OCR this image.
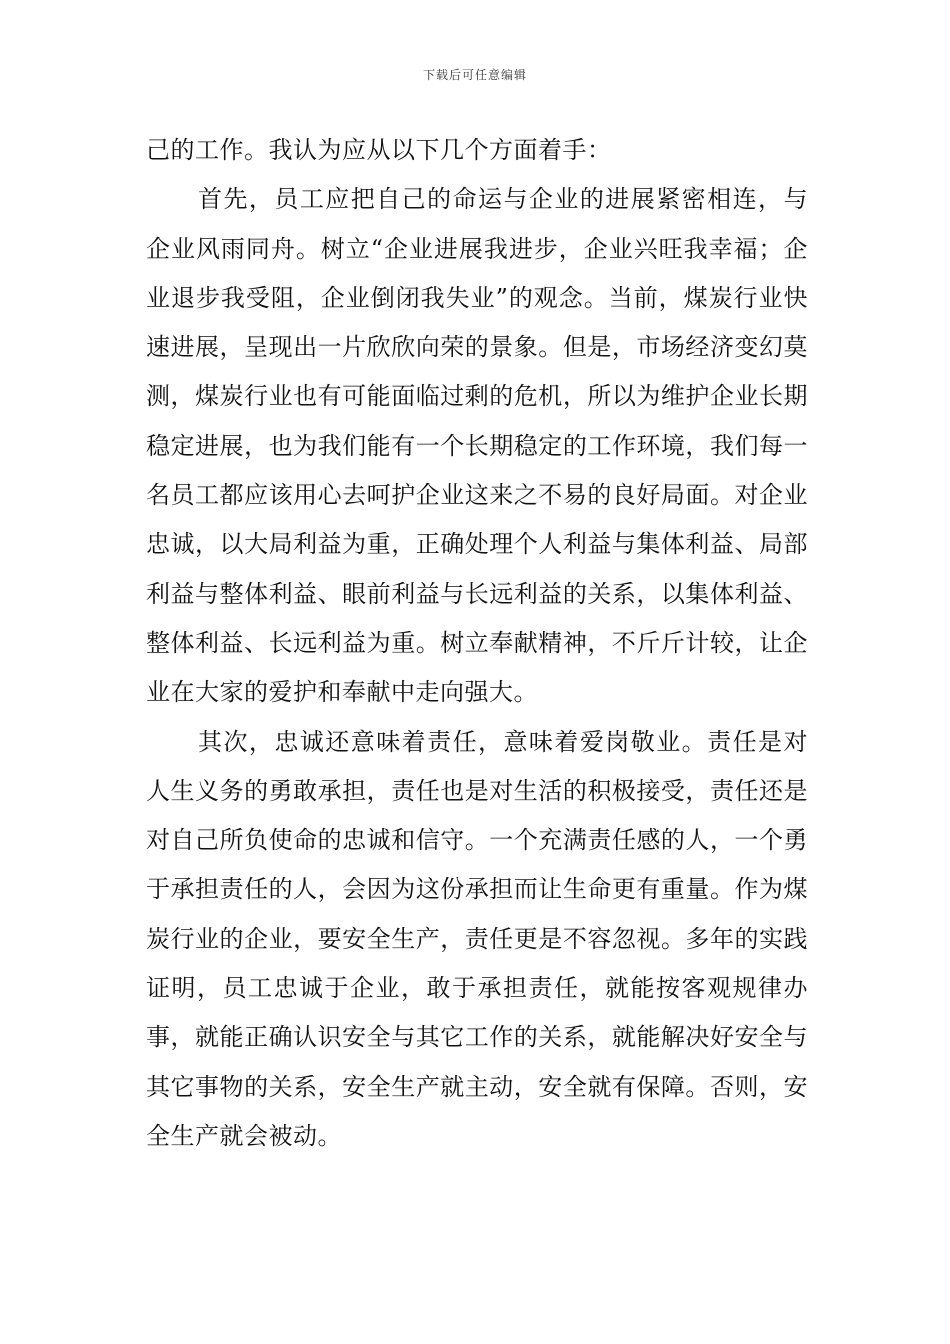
下载后可任意编辑

己的工作。我认为应从以下几个方面着手：

首先，员工应把自己的命运与企业的进展紧密相连，与企业风雨同舟。树立“企业进展我进步，企业兴旺我幸福；企业退步我受阻，企业倒闭我失业”的观念。当前，煤炭行业快速进展，呈现出一片欣欣向荣的景象。但是，市场经济变幻莫测，煤炭行业也有可能面临过剩的危机，所以为维护企业长期稳定进展，也为我们能有一个长期稳定的工作环境，我们每一名员工都应该用心去呵护企业这来之不易的良好局面。对企业忠诚，以大局利益为重，正确处理个人利益与集体利益、局部利益与整体利益、眼前利益与长远利益的关系，以集体利益、整体利益、长远利益为重。树立奉献精神，不斤斤计较，让企业在大家的爱护和奉献中走向强大。

其次，忠诚还意味着责任，意味着爱岗敬业。责任是对人生义务的勇敢承担，责任也是对生活的积极接受，责任还是对自己所负使命的忠诚和信守。一个充满责任感的人，一个勇于承担责任的人，会因为这份承担而让生命更有重量。作为煤炭行业的企业，要安全生产，责任更是不容忽视。多年的实践证明，员工忠诚于企业，敢于承担责任，就能按客观规律办事，就能正确认识安全与其它工作的关系，就能解决好安全与其它事物的关系，安全生产就主动，安全就有保障。否则，安全生产就会被动。
